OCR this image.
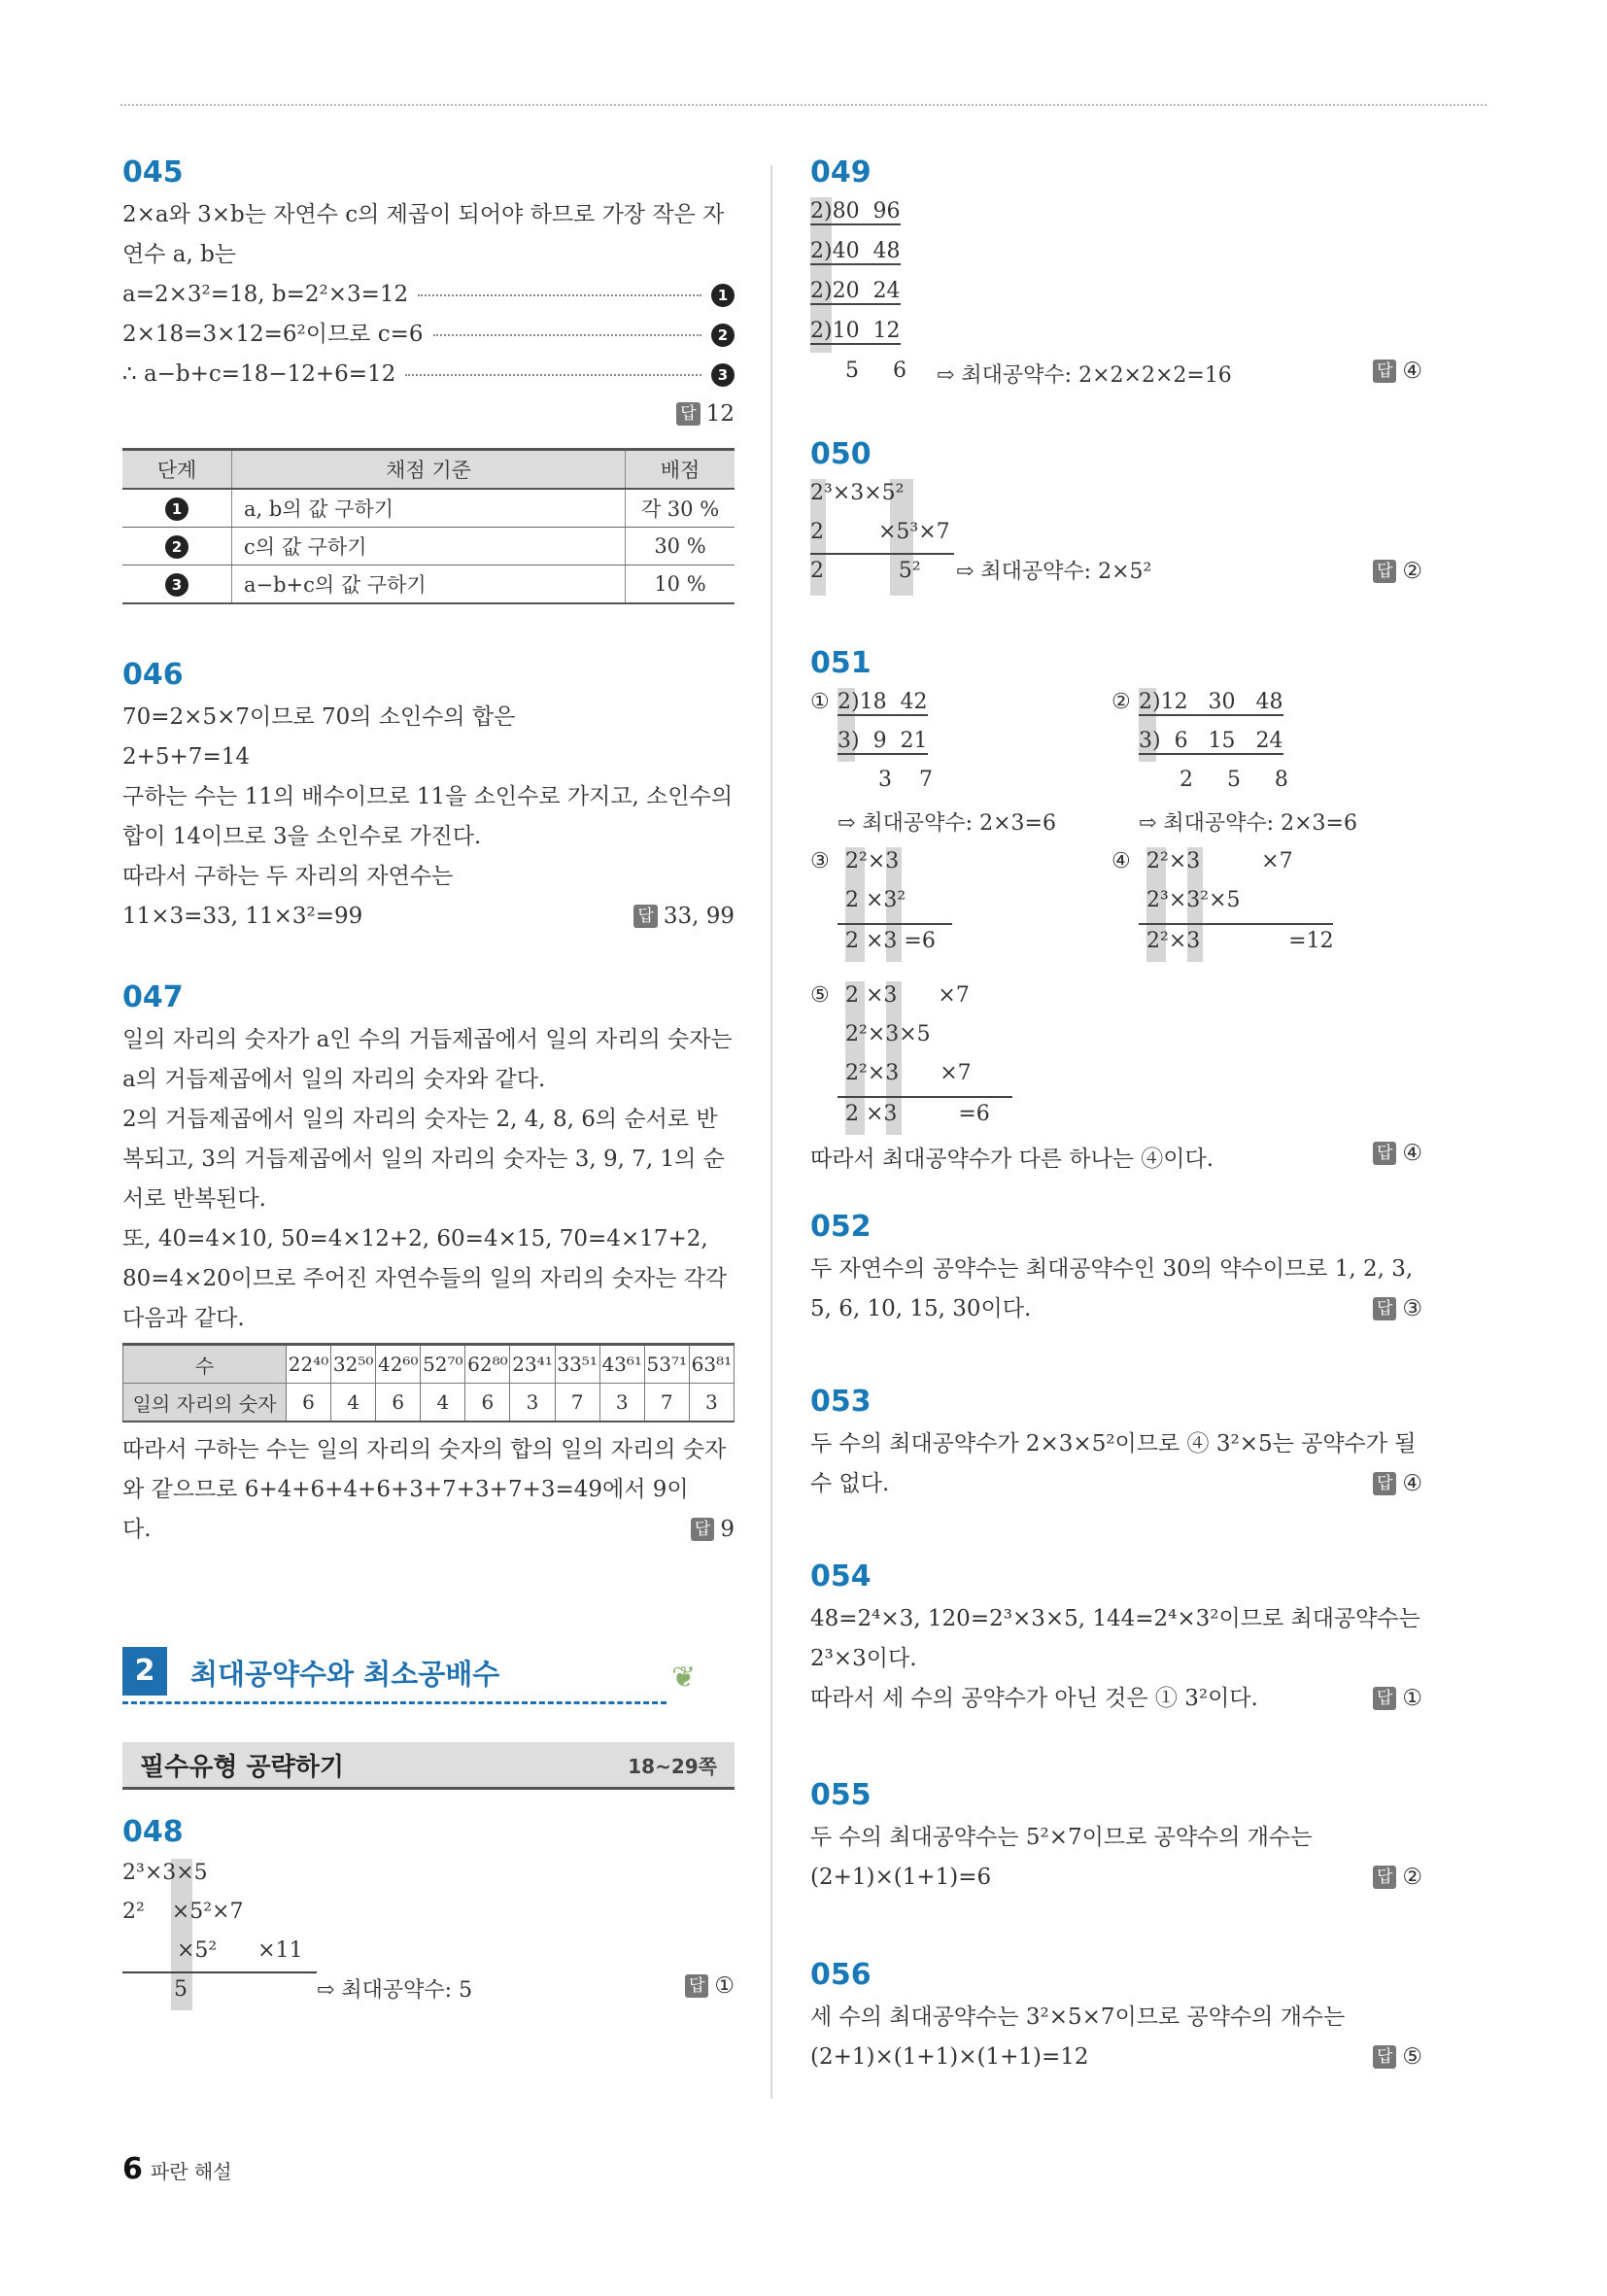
045

2×a와 3×b는 자연수 c의 제곱이 되어야 하므로 가장 작은 자

연수 a, b는

a=2×3²=18, b=2²×3=12	1
2×18=3×12=6²이므로 c=6	2
∴ a−b+c=18−12+6=12	3
답 12
단계	채점 기준	배점
1	a, b의 값 구하기	각 30 %
2	c의 값 구하기	30 %
3	a−b+c의 값 구하기	10 %
046

70=2×5×7이므로 70의 소인수의 합은

2+5+7=14

구하는 수는 11의 배수이므로 11을 소인수로 가지고, 소인수의

합이 14이므로 3을 소인수로 가진다.

따라서 구하는 두 자리의 자연수는

11×3=33, 11×3²=99	답 33, 99

047

일의 자리의 숫자가 a인 수의 거듭제곱에서 일의 자리의 숫자는

a의 거듭제곱에서 일의 자리의 숫자와 같다.

2의 거듭제곱에서 일의 자리의 숫자는 2, 4, 8, 6의 순서로 반

복되고, 3의 거듭제곱에서 일의 자리의 숫자는 3, 9, 7, 1의 순

서로 반복된다.

또, 40=4×10, 50=4×12+2, 60=4×15, 70=4×17+2,

80=4×20이므로 주어진 자연수들의 일의 자리의 숫자는 각각

다음과 같다.

수	22⁴⁰	32⁵⁰	42⁶⁰	52⁷⁰	62⁸⁰	23⁴¹	33⁵¹	43⁶¹	53⁷¹	63⁸¹
일의 자리의 숫자	6	4	6	4	6	3	7	3	7	3

따라서 구하는 수는 일의 자리의 숫자의 합의 일의 자리의 숫자

와 같으므로 6+4+6+4+6+3+7+3+7+3=49에서 9이

다.	답 9

2	최대공약수와 최소공배수	❦
필수유형 공략하기	18~29쪽
048
2³×3×5
2²    ×5²×7
×5²      ×11
5	⇨ 최대공약수: 5	답 ①
049
2)80  96
2)40  48
2)20  24
2)10  12
5     6 ⇨ 최대공약수: 2×2×2×2=16	답 ④
050
2³×3×5²
2        ×5³×7
2           5² ⇨ 최대공약수: 2×5²	답 ②
051
① 2)18  42
3)  9  21
3    7
⇨ 최대공약수: 2×3=6
② 2)12   30   48
3)  6   15   24
2     5     8
⇨ 최대공약수: 2×3=6
③ 2²×3
2 ×3²
2 ×3 =6
④ 2²×3         ×7
2³×3²×5
2²×3             =12
⑤ 2 ×3      ×7
2²×3×5
2²×3      ×7
2 ×3         =6
따라서 최대공약수가 다른 하나는 ④이다.	답 ④
052

두 자연수의 공약수는 최대공약수인 30의 약수이므로 1, 2, 3,

5, 6, 10, 15, 30이다.	답 ③

053

두 수의 최대공약수가 2×3×5²이므로 ④ 3²×5는 공약수가 될

수 없다.	답 ④

054

48=2⁴×3, 120=2³×3×5, 144=2⁴×3²이므로 최대공약수는

2³×3이다.

따라서 세 수의 공약수가 아닌 것은 ① 3²이다.	답 ①

055

두 수의 최대공약수는 5²×7이므로 공약수의 개수는

(2+1)×(1+1)=6	답 ②

056

세 수의 최대공약수는 3²×5×7이므로 공약수의 개수는

(2+1)×(1+1)×(1+1)=12	답 ⑤

6 파란 해설
